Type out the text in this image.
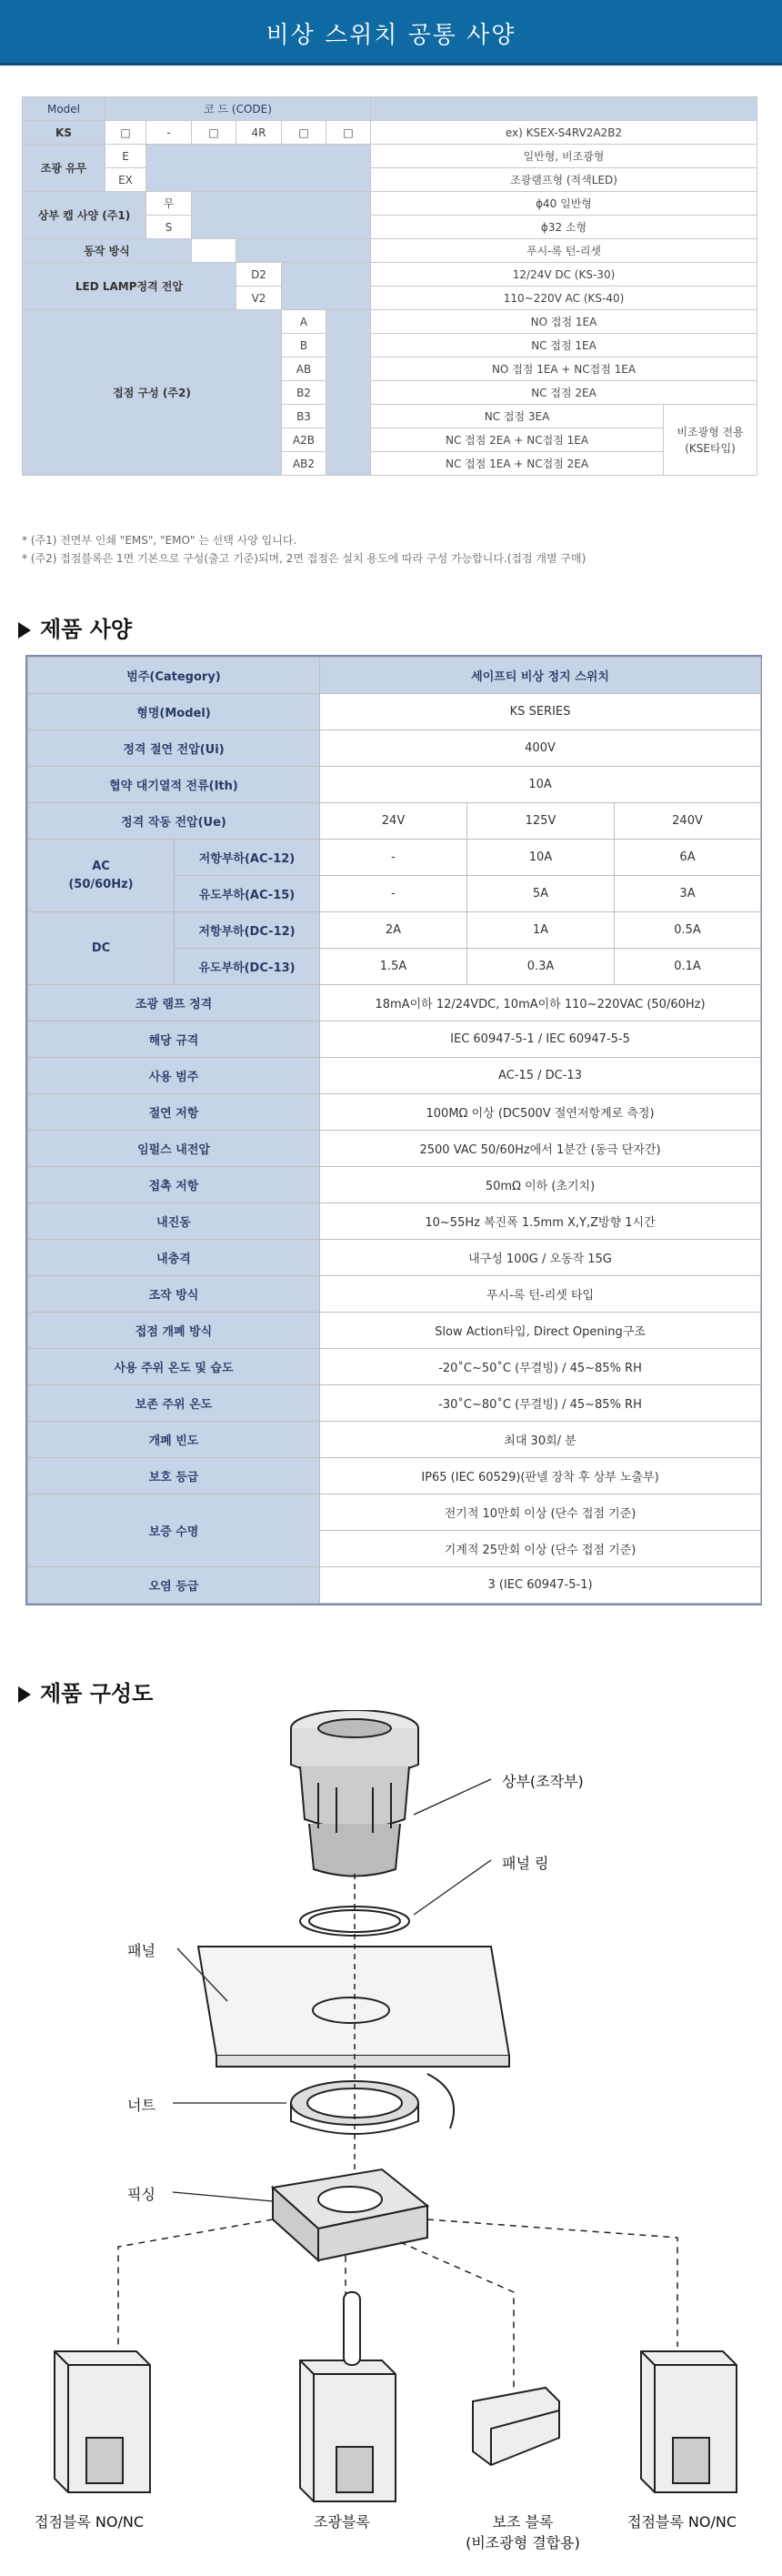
비상 스위치 공통 사양
Model	코 드 (CODE)							
KS	□	-	□	4R	□	□	ex) KSEX-S4RV2A2B2	
조광 유무	E						일반형, 비조광형	
	EX						조광램프형 (적색LED)	
상부 캡 사양 (주1)		무					ϕ40 일반형	
		S					ϕ32 소형	
동작 방식							푸시-록 턴-리셋	
LED LAMP정격 전압				D2			12/24V DC (KS-30)	
				V2			110~220V AC (KS-40)	
접점 구성 (주2)					A		NO 접점 1EA	
					B		NC 접점 1EA	
					AB		NO 접점 1EA + NC접점 1EA	
					B2		NC 접점 2EA	
					B3		NC 접점 3EA	비조광형 전용 (KSE타입)
					A2B		NC 접점 2EA + NC접점 1EA	
					AB2		NC 접점 1EA + NC접점 2EA	
* (주1) 전면부 인쇄 "EMS", "EMO" 는 선택 사양 입니다.
* (주2) 접점블록은 1면 기본으로 구성(출고 기준)되며, 2면 접점은 설치 용도에 따라 구성 가능합니다.(접점 개별 구매)
제품 사양
범주(Category)		세이프티 비상 정지 스위치		
형명(Model)		KS SERIES		
정격 절연 전압(Ui)		400V		
협약 대기열적 전류(Ith)		10A		
정격 작동 전압(Ue)		24V	125V	240V
AC
(50/60Hz)	저항부하(AC-12)	-	10A	6A
	유도부하(AC-15)	-	5A	3A
DC	저항부하(DC-12)	2A	1A	0.5A
	유도부하(DC-13)	1.5A	0.3A	0.1A
조광 램프 정격		18mA이하 12/24VDC, 10mA이하 110~220VAC (50/60Hz)		
해당 규격		IEC 60947-5-1 / IEC 60947-5-5		
사용 범주		AC-15 / DC-13		
절연 저항		100MΩ 이상 (DC500V 절연저항계로 측정)		
임펄스 내전압		2500 VAC 50/60Hz에서 1분간 (동극 단자간)		
접촉 저항		50mΩ 이하 (초기치)		
내진동		10~55Hz 복진폭 1.5mm X,Y,Z방향 1시간		
내충격		내구성 100G / 오동작 15G		
조작 방식		푸시-록 턴-리셋 타입		
접점 개폐 방식		Slow Action타입, Direct Opening구조		
사용 주위 온도 및 습도		-20˚C~50˚C (무결빙) / 45~85% RH		
보존 주위 온도		-30˚C~80˚C (무결빙) / 45~85% RH		
개폐 빈도		최대 30회/ 분		
보호 등급		IP65 (IEC 60529)(판넬 장착 후 상부 노출부)		
보증 수명		전기적 10만회 이상 (단수 접점 기준)		
		기계적 25만회 이상 (단수 접점 기준)		
오염 등급		3 (IEC 60947-5-1)		
제품 구성도
상부(조작부)
패널 링
패널
너트
픽싱
접점블록 NO/NC	조광블록	보조 블록
(비조광형 결합용)
접점블록 NO/NC
